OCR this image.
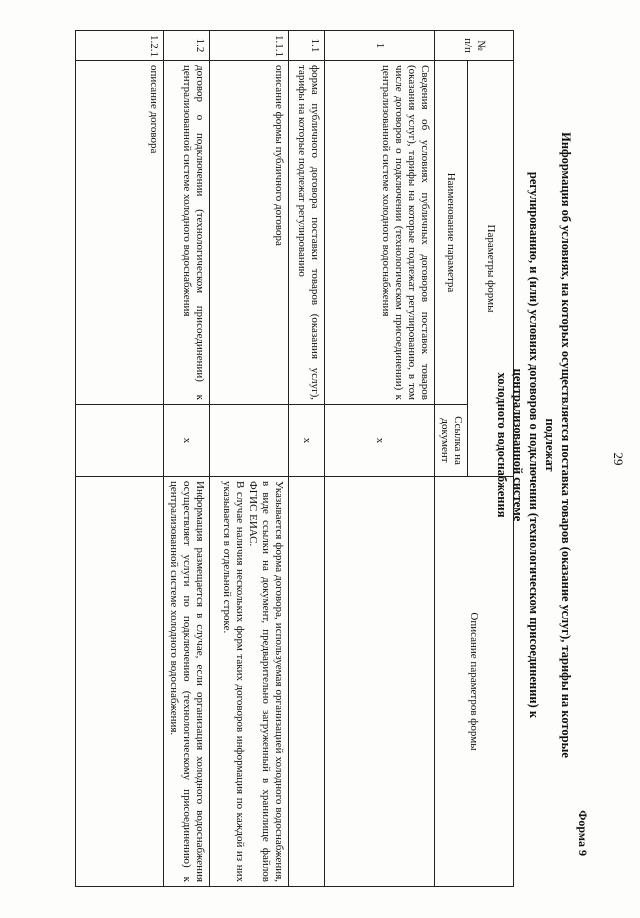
29
Форма 9

Информация об условиях, на которых осуществляется поставка товаров (оказание услуг), тарифы на которые подлежат

регулированию, и (или) условиях договоров о подключении (технологическом присоединении) к централизованной системе

холодного водоснабжения

№ п/п	Параметры формы		Описание параметров формы
	Наименование параметра	Ссылка на документ	
1	Сведения об условиях публичных договоров поставок товаров (оказания услуг), тарифы на которые подлежат регулированию, в том числе договоров о подключении (технологическом присоединении) к централизованной системе холодного водоснабжения	x	
1.1	форма публичного договора поставки товаров (оказания услуг), тарифы на которые подлежат регулированию	x	
1.1.1	описание формы публичного договора		Указывается форма договора, используемая организацией холодного водоснабжения, в виде ссылки на документ, предварительно загруженный в хранилище файлов ФГИС ЕИАС.
В случае наличия нескольких форм таких договоров информация по каждой из них указывается в отдельной строке.
1.2	договор о подключении (технологическом присоединении) к централизованной системе холодного водоснабжения	x	Информация размещается в случае, если организация холодного водоснабжения осуществляет услуги по подключению (технологическому присоединению) к централизованной системе холодного водоснабжения.
1.2.1	описание договора		
